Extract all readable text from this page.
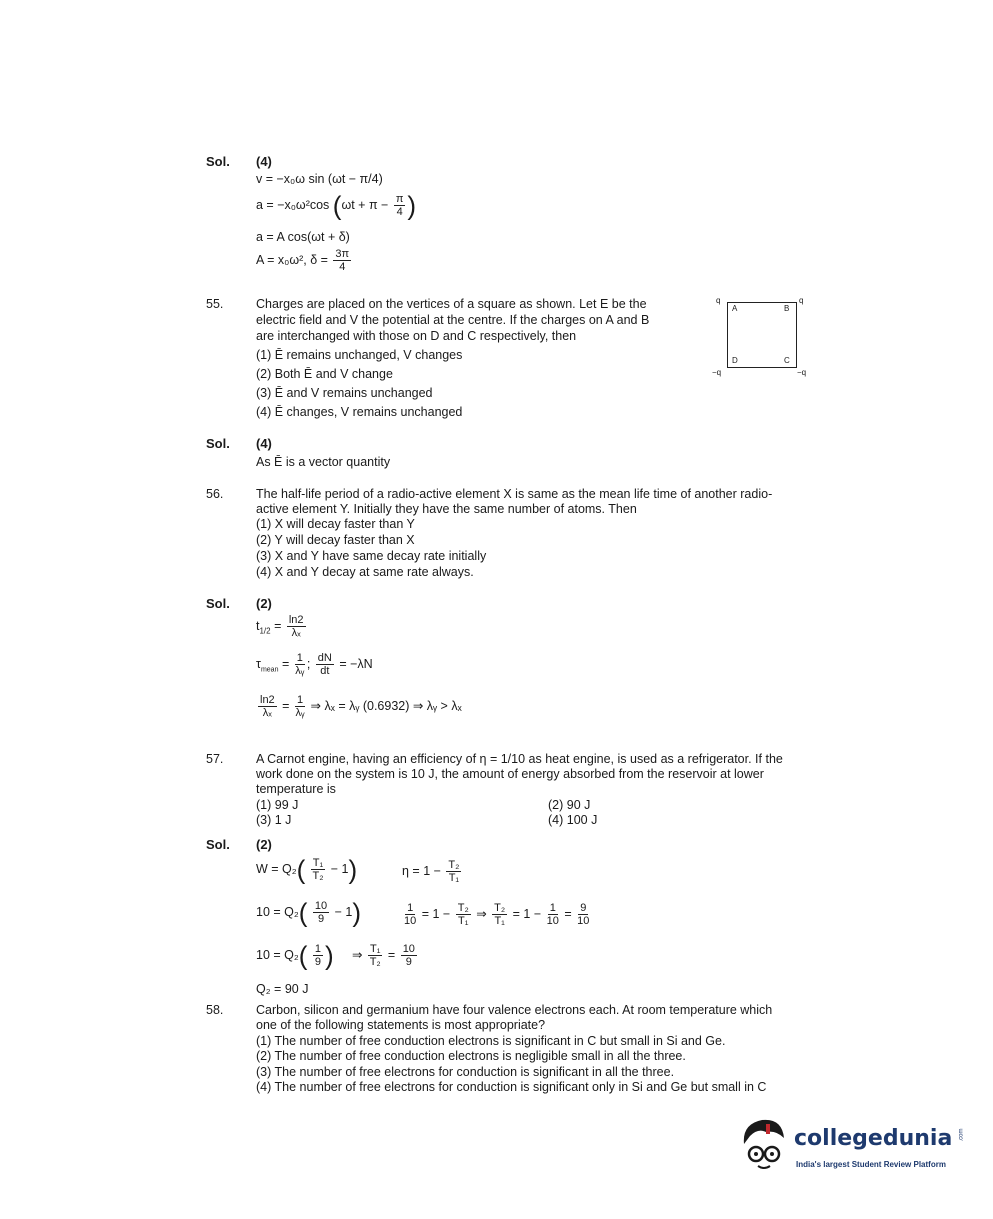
Sol. (4)
v = −x₀ω sin (ωt − π/4)
a = −x₀ω²cos ($\omega t + \pi - \frac{\pi}{4}$ )
a = A cos(ωt + δ)
A = x₀ω², $\delta = \frac{3\pi}{4}$
55.	Charges are placed on the vertices of a square as shown. Let E be the
electric field and V the potential at the centre. If the charges on A and B
are interchanged with those on D and C respectively, then
(1) Ē remains unchanged, V changes
(2) Both Ē and V change
(3) Ē and V remains unchanged
(4) Ē changes, V remains unchanged
q
A	B
q
D	C
−q	−q
Sol. (4)
As Ē is a vector quantity
56.	The half-life period of a radio-active element X is same as the mean life time of another radio-
active element Y. Initially they have the same number of atoms. Then
(1) X will decay faster than Y
(2) Y will decay faster than X
(3) X and Y have same decay rate initially
(4) X and Y decay at same rate always.
Sol. (2)
$t_{1/2} = \frac{\ln 2}{\text{λₓ}}$
$\tau_{mean} = \frac{1}{\text{λᵧ}}$ ; $\frac{dN}{dt} = -\lambda N$
$\frac{\ln 2}{\text{λₓ}} = \frac{1}{\text{λᵧ}}$ ⇒ λₓ = λᵧ (0.6932) ⇒ λᵧ > λₓ
57.	A Carnot engine, having an efficiency of η = 1/10 as heat engine, is used as a refrigerator. If the
work done on the system is 10 J, the amount of energy absorbed from the reservoir at lower
temperature is
(1) 99 J	(2) 90 J
(3) 1 J	(4) 100 J
Sol. (2)
$W = Q_2( \frac{\text{T₁}}{\text{T₂}} - 1)$	$\eta = 1 - \frac{\text{T₂}}{\text{T₁}}$
$10 = Q_2( \frac{10}{9} - 1)$	$\frac{1}{10} = 1 - \frac{\text{T₂}}{\text{T₁}}$ ⇒ $\frac{\text{T₂}}{\text{T₁}} = 1 - \frac{1}{10} = \frac{9}{10}$
$10 = Q_2( \frac{1}{9}$ ) ⇒ $\frac{\text{T₁}}{\text{T₂}} = \frac{10}{9}$
Q₂ = 90 J
58.	Carbon, silicon and germanium have four valence electrons each. At room temperature which
one of the following statements is most appropriate?
(1) The number of free conduction electrons is significant in C but small in Si and Ge.
(2) The number of free conduction electrons is negligible small in all the three.
(3) The number of free electrons for conduction is significant in all the three.
(4) The number of free electrons for conduction is significant only in Si and Ge but small in C
collegedunia .com
India's largest Student Review Platform
